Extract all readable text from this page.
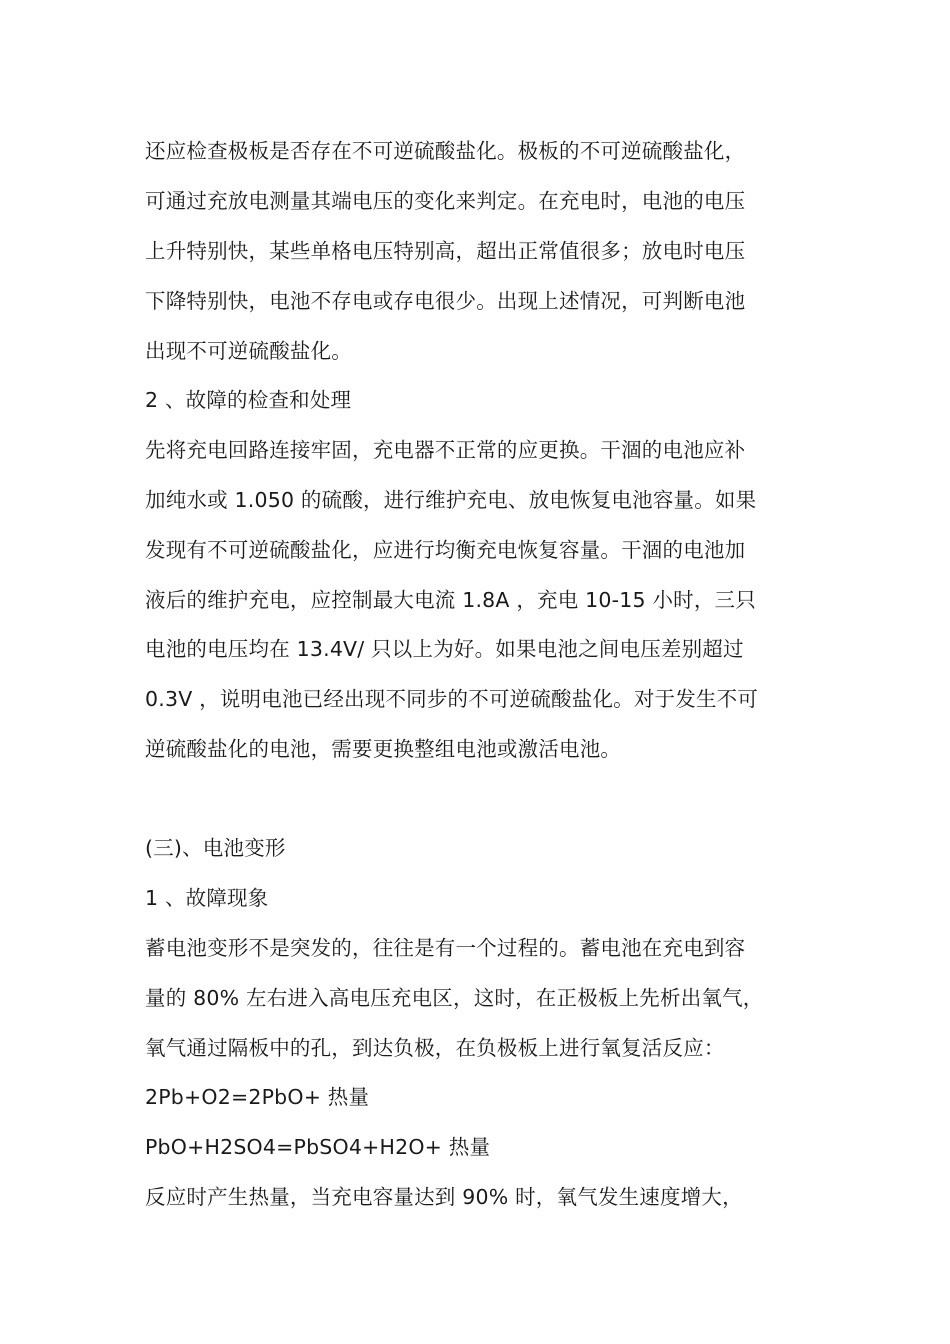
还应检查极板是否存在不可逆硫酸盐化。极板的不可逆硫酸盐化，
可通过充放电测量其端电压的变化来判定。在充电时，电池的电压
上升特别快，某些单格电压特别高，超出正常值很多；放电时电压
下降特别快，电池不存电或存电很少。出现上述情况，可判断电池
出现不可逆硫酸盐化。
2 、故障的检查和处理
先将充电回路连接牢固，充电器不正常的应更换。干涸的电池应补
加纯水或 1.050 的硫酸，进行维护充电、放电恢复电池容量。如果
发现有不可逆硫酸盐化，应进行均衡充电恢复容量。干涸的电池加
液后的维护充电，应控制最大电流 1.8A ，充电 10-15 小时，三只
电池的电压均在 13.4V/ 只以上为好。如果电池之间电压差别超过
0.3V ，说明电池已经出现不同步的不可逆硫酸盐化。对于发生不可
逆硫酸盐化的电池，需要更换整组电池或激活电池。
(三)、电池变形
1 、故障现象
蓄电池变形不是突发的，往往是有一个过程的。蓄电池在充电到容
量的 80% 左右进入高电压充电区，这时，在正极板上先析出氧气，
氧气通过隔板中的孔，到达负极，在负极板上进行氧复活反应：
2Pb+O2=2PbO+ 热量
PbO+H2SO4=PbSO4+H2O+ 热量
反应时产生热量，当充电容量达到 90% 时，氧气发生速度增大，
